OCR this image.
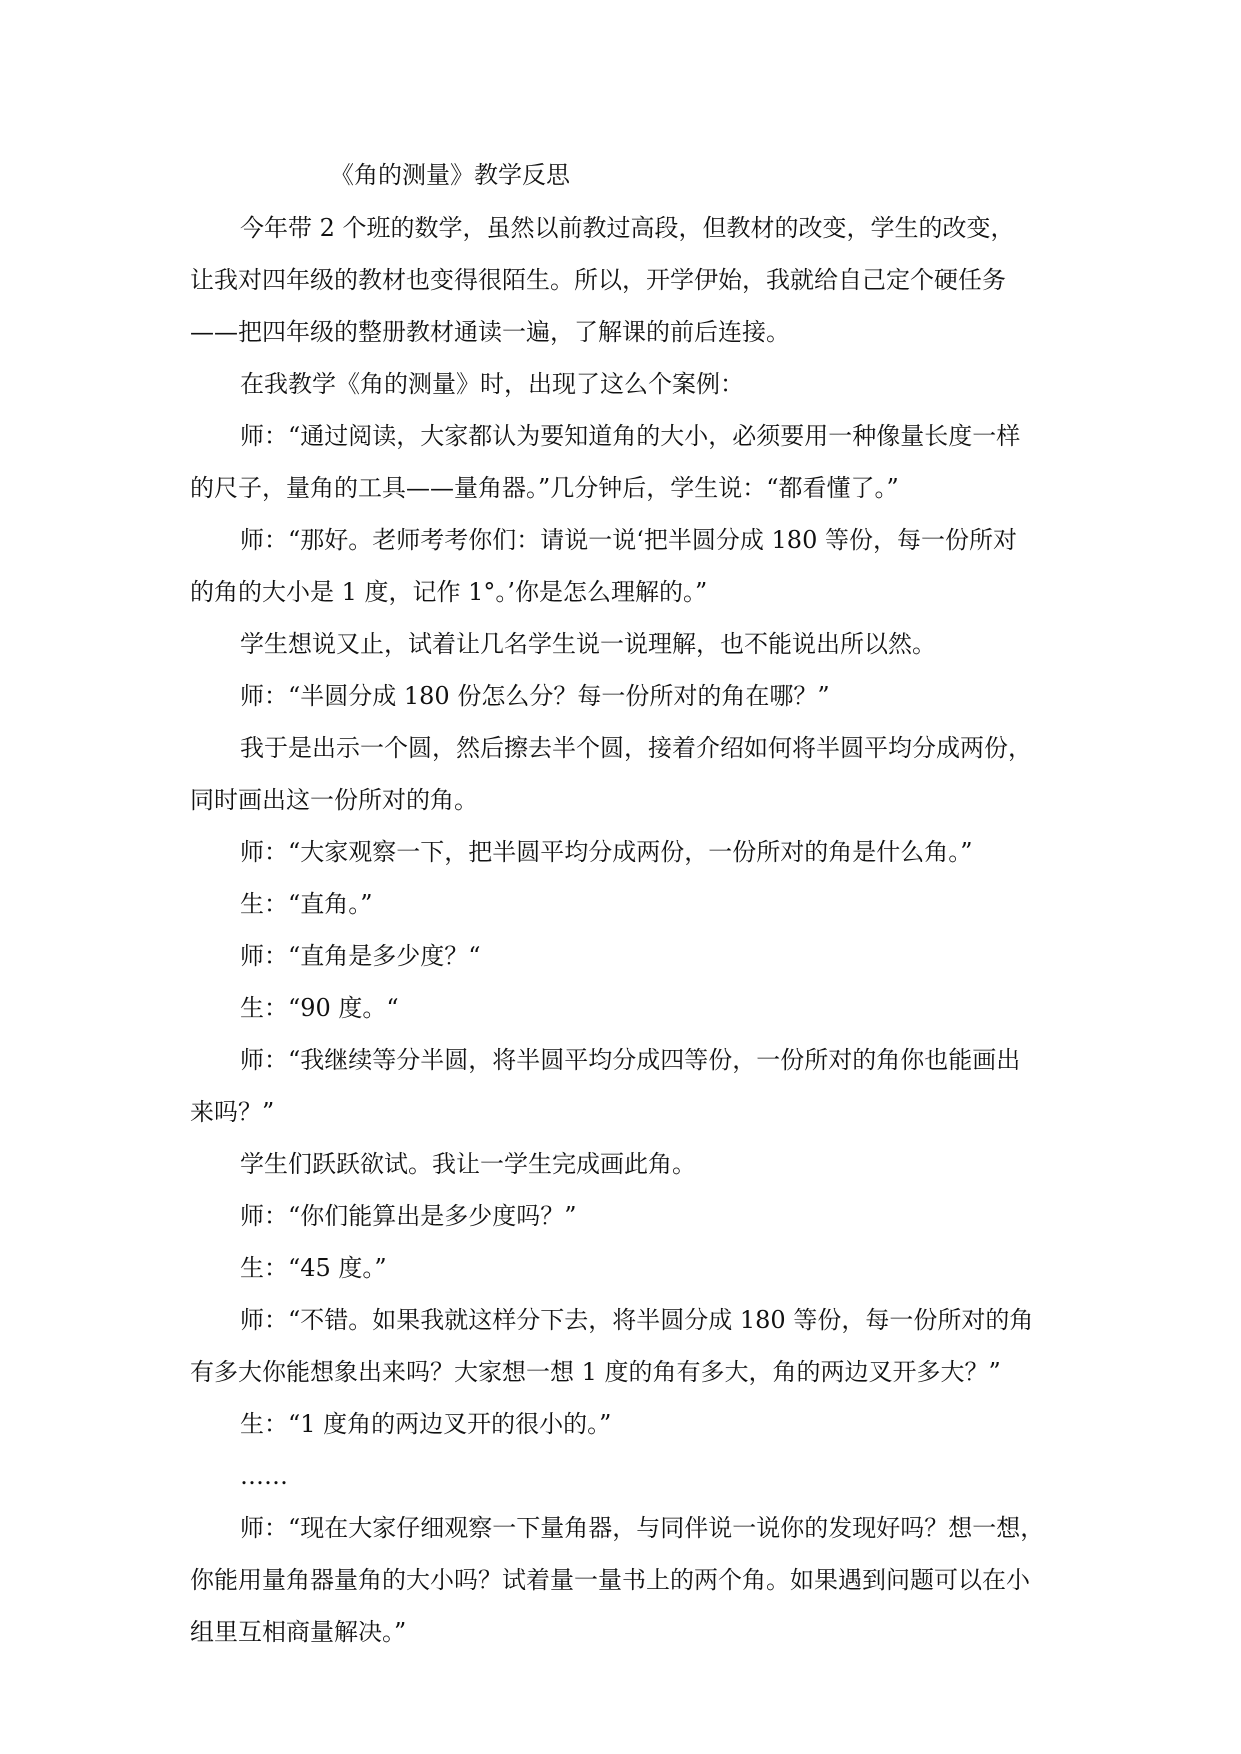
《角的测量》教学反思
今年带 2 个班的数学，虽然以前教过高段，但教材的改变，学生的改变，
让我对四年级的教材也变得很陌生。所以，开学伊始，我就给自己定个硬任务
——把四年级的整册教材通读一遍，了解课的前后连接。
在我教学《角的测量》时，出现了这么个案例：
师：“通过阅读，大家都认为要知道角的大小，必须要用一种像量长度一样
的尺子，量角的工具——量角器。”几分钟后，学生说：“都看懂了。”
师：“那好。老师考考你们：请说一说‘把半圆分成 180 等份，每一份所对
的角的大小是 1 度，记作 1°。’你是怎么理解的。”
学生想说又止，试着让几名学生说一说理解，也不能说出所以然。
师：“半圆分成 180 份怎么分？每一份所对的角在哪？”
我于是出示一个圆，然后擦去半个圆，接着介绍如何将半圆平均分成两份，
同时画出这一份所对的角。
师：“大家观察一下，把半圆平均分成两份，一份所对的角是什么角。”
生：“直角。”
师：“直角是多少度？“
生：“90 度。“
师：“我继续等分半圆，将半圆平均分成四等份，一份所对的角你也能画出
来吗？”
学生们跃跃欲试。我让一学生完成画此角。
师：“你们能算出是多少度吗？”
生：“45 度。”
师：“不错。如果我就这样分下去，将半圆分成 180 等份，每一份所对的角
有多大你能想象出来吗？大家想一想 1 度的角有多大，角的两边叉开多大？”
生：“1 度角的两边叉开的很小的。”
……
师：“现在大家仔细观察一下量角器，与同伴说一说你的发现好吗？想一想，
你能用量角器量角的大小吗？试着量一量书上的两个角。如果遇到问题可以在小
组里互相商量解决。”
